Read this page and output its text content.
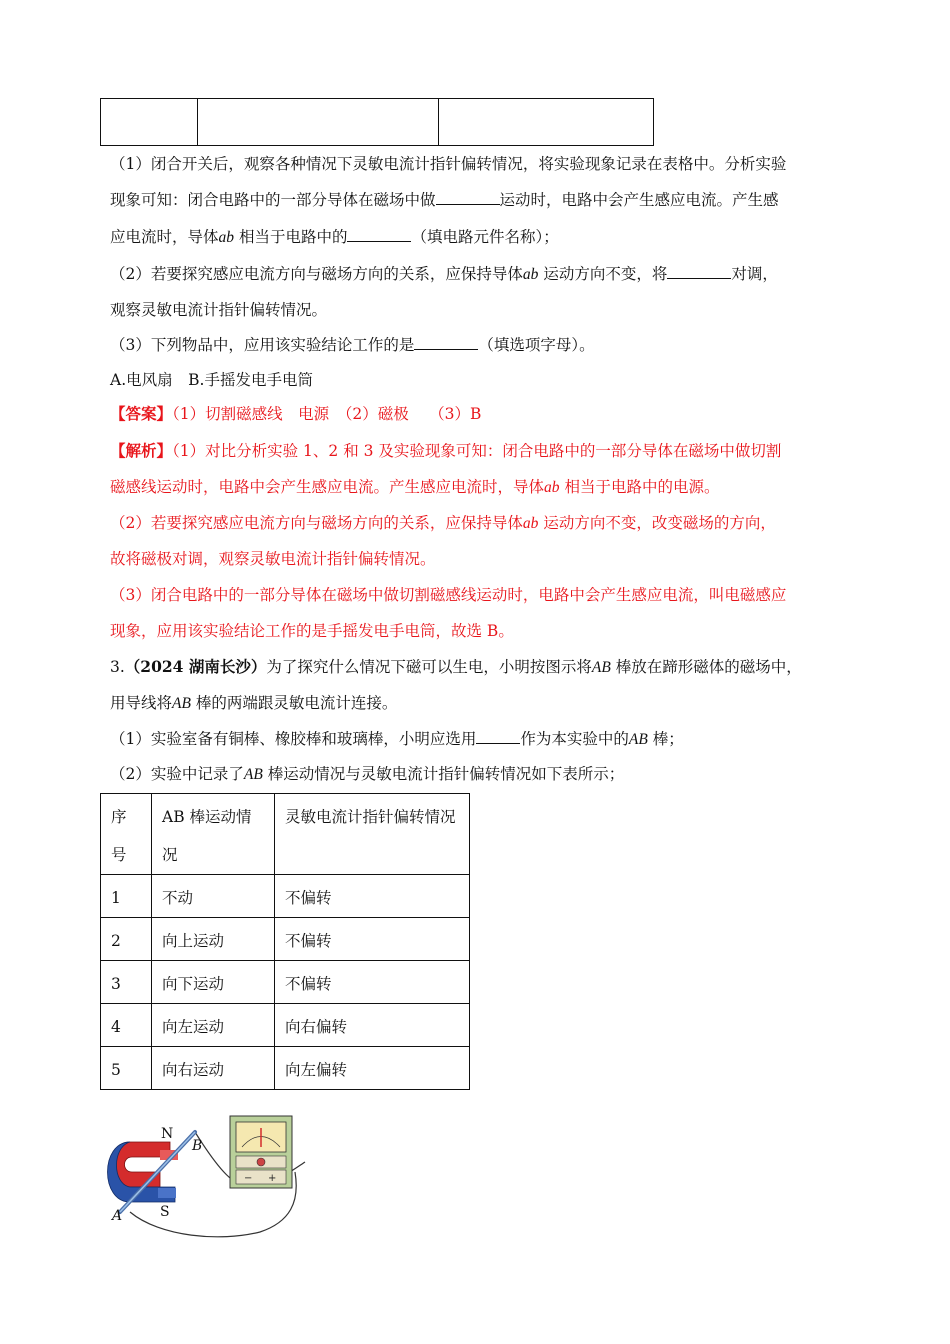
（1）闭合开关后，观察各种情况下灵敏电流计指针偏转情况，将实验现象记录在表格中。分析实验
现象可知：闭合电路中的一部分导体在磁场中做	运动时，电路中会产生感应电流。产生感
应电流时，导体ab 相当于电路中的	（填电路元件名称）；
（2）若要探究感应电流方向与磁场方向的关系，应保持导体ab 运动方向不变，将	对调，
观察灵敏电流计指针偏转情况。
（3）下列物品中，应用该实验结论工作的是	（填选项字母）。
A.电风扇　B.手摇发电手电筒
【答案】（1）切割磁感线　电源　（2）磁极　 （3）B
【解析】（1）对比分析实验 1、2 和 3 及实验现象可知：闭合电路中的一部分导体在磁场中做切割
磁感线运动时，电路中会产生感应电流。产生感应电流时，导体ab 相当于电路中的电源。
（2）若要探究感应电流方向与磁场方向的关系，应保持导体ab 运动方向不变，改变磁场的方向，
故将磁极对调，观察灵敏电流计指针偏转情况。
（3）闭合电路中的一部分导体在磁场中做切割磁感线运动时，电路中会产生感应电流，叫电磁感应
现象，应用该实验结论工作的是手摇发电手电筒，故选 B。
3.（2024 湖南长沙）为了探究什么情况下磁可以生电，小明按图示将AB 棒放在蹄形磁体的磁场中，
用导线将AB 棒的两端跟灵敏电流计连接。
（1）实验室备有铜棒、橡胶棒和玻璃棒，小明应选用	作为本实验中的AB 棒；
（2）实验中记录了AB 棒运动情况与灵敏电流计指针偏转情况如下表所示；
序号	AB 棒运动情况	灵敏电流计指针偏转情况
1	不动	不偏转
2	向上运动	不偏转
3	向下运动	不偏转
4	向左运动	向右偏转
5	向右运动	向左偏转
− +
N
S
A
B
